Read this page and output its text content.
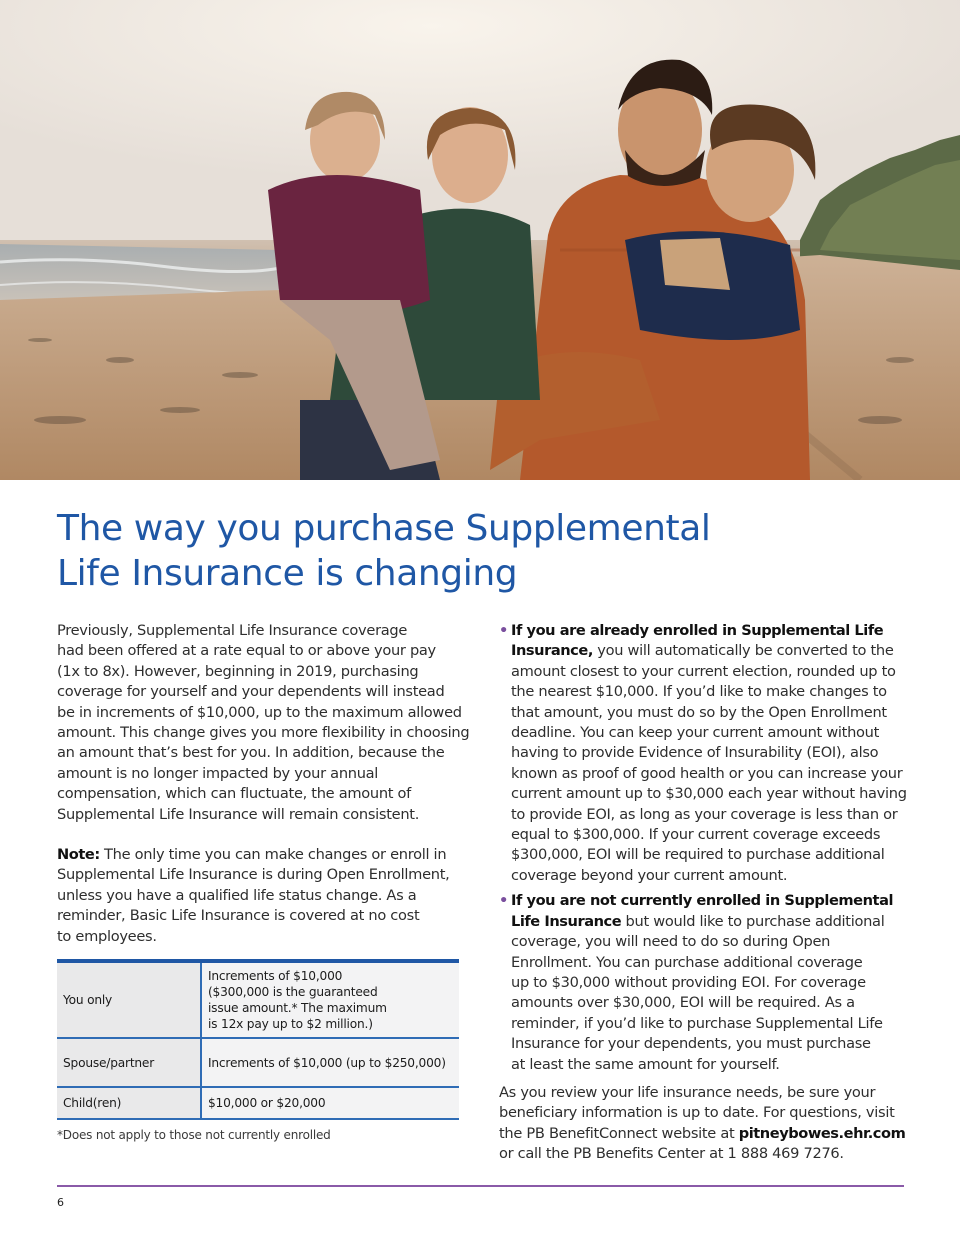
The way you purchase Supplemental
Life Insurance is changing

Previously, Supplemental Life Insurance coverage
had been offered at a rate equal to or above your pay
(1x to 8x). However, beginning in 2019, purchasing
coverage for yourself and your dependents will instead
be in increments of $10,000, up to the maximum allowed
amount. This change gives you more flexibility in choosing
an amount that’s best for you. In addition, because the
amount is no longer impacted by your annual
compensation, which can fluctuate, the amount of
Supplemental Life Insurance will remain consistent.

Note: The only time you can make changes or enroll in
Supplemental Life Insurance is during Open Enrollment,
unless you have a qualified life status change. As a
reminder, Basic Life Insurance is covered at no cost
to employees.

You only	Increments of $10,000
($300,000 is the guaranteed
issue amount.* The maximum
is 12x pay up to $2 million.)

Spouse/partner	Increments of $10,000 (up to $250,000)

Child(ren)	$10,000 or $20,000
*Does not apply to those not currently enrolled
• If you are already enrolled in Supplemental Life
Insurance, you will automatically be converted to the
amount closest to your current election, rounded up to
the nearest $10,000. If you’d like to make changes to
that amount, you must do so by the Open Enrollment
deadline. You can keep your current amount without
having to provide Evidence of Insurability (EOI), also
known as proof of good health or you can increase your
current amount up to $30,000 each year without having
to provide EOI, as long as your coverage is less than or
equal to $300,000. If your current coverage exceeds
$300,000, EOI will be required to purchase additional
coverage beyond your current amount.
• If you are not currently enrolled in Supplemental
Life Insurance but would like to purchase additional
coverage, you will need to do so during Open
Enrollment. You can purchase additional coverage
up to $30,000 without providing EOI. For coverage
amounts over $30,000, EOI will be required. As a
reminder, if you’d like to purchase Supplemental Life
Insurance for your dependents, you must purchase
at least the same amount for yourself.

As you review your life insurance needs, be sure your
beneficiary information is up to date. For questions, visit
the PB BenefitConnect website at pitneybowes.ehr.com
or call the PB Benefits Center at 1 888 469 7276.

6
